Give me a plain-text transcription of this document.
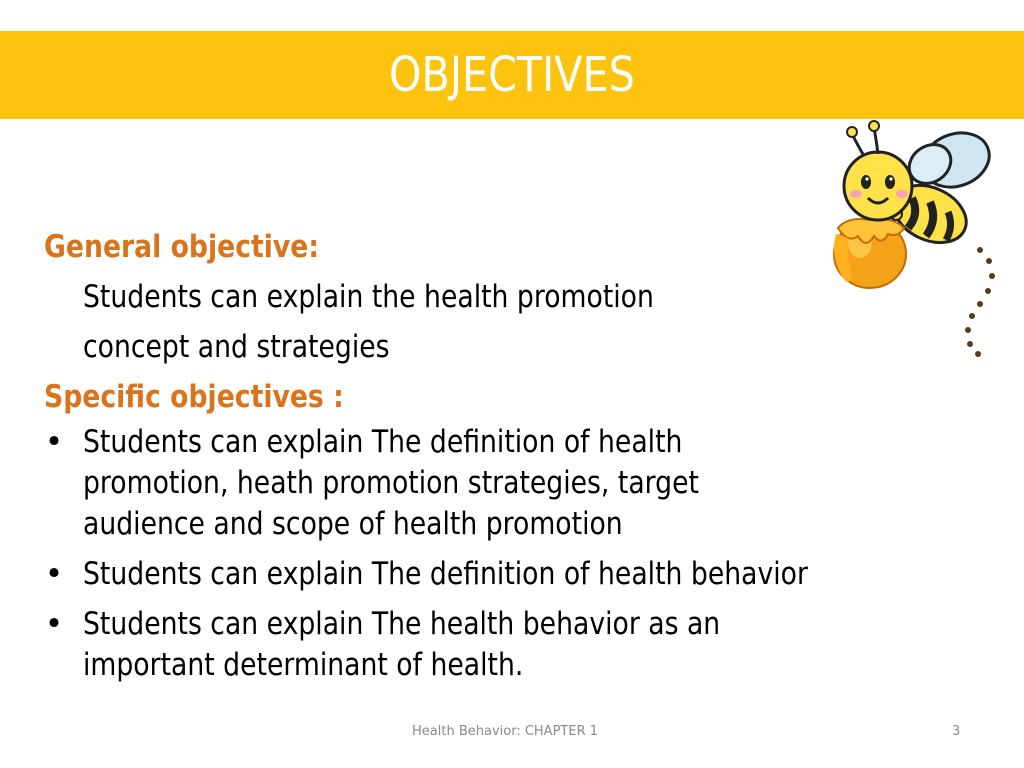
OBJECTIVES
General objective:
Students can explain the health promotion
concept and strategies
Specific objectives :
• Students can explain The definition of health
promotion, heath promotion strategies, target
audience and scope of health promotion
• Students can explain The definition of health behavior
• Students can explain The health behavior as an
important determinant of health.
Health Behavior: CHAPTER 1	3
